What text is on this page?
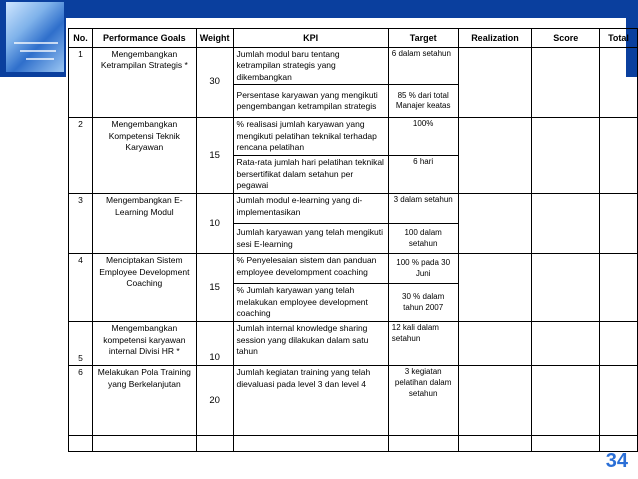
No.	Performance Goals	Weight	KPI	Target	Realization	Score	Total
1	Mengembangkan Ketrampilan Strategis *	30	Jumlah modul baru tentang ketrampilan strategis yang dikembangkan	6 dalam setahun			
			Persentase karyawan yang mengikuti pengembangan ketrampilan strategis	85 % dari total Manajer keatas			
2	Mengembangkan Kompetensi Teknik Karyawan	15	% realisasi jumlah karyawan yang mengikuti pelatihan teknikal terhadap rencana pelatihan	100%			
			Rata-rata jumlah hari pelatihan teknikal bersertifikat dalam setahun per pegawai	6 hari			
3	Mengembangkan E-Learning Modul	10	Jumlah modul e-learning yang di-implementasikan	3 dalam setahun			
			Jumlah karyawan yang telah mengikuti sesi E-learning	100 dalam setahun			
4	Menciptakan Sistem Employee Development Coaching	15	% Penyelesaian sistem dan panduan employee develompment coaching	100 % pada 30 Juni			
			% Jumlah karyawan yang telah melakukan employee development coaching	30 % dalam tahun 2007			
5	Mengembangkan kompetensi karyawan internal Divisi HR *	10	Jumlah internal knowledge sharing session yang dilakukan dalam satu tahun	12 kali dalam setahun			
6	Melakukan Pola Training yang Berkelanjutan	20	Jumlah kegiatan training yang telah dievaluasi pada level 3 dan level 4	3 kegiatan pelatihan dalam setahun			

34
